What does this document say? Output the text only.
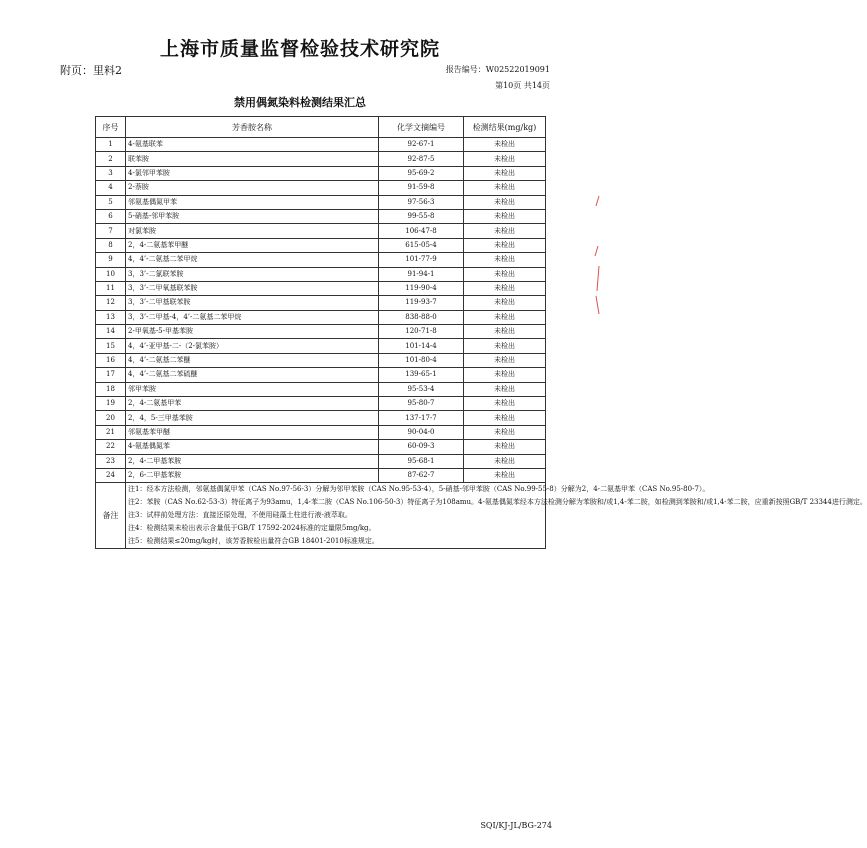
上海市质量监督检验技术研究院
附页：里料2	报告编号：W02522019091
第10页 共14页
禁用偶氮染料检测结果汇总
序号	芳香胺名称	化学文摘编号	检测结果(mg/kg)
1	4-氨基联苯	92-67-1	未检出
2	联苯胺	92-87-5	未检出
3	4-氯邻甲苯胺	95-69-2	未检出
4	2-萘胺	91-59-8	未检出
5	邻氨基偶氮甲苯	97-56-3	未检出
6	5-硝基-邻甲苯胺	99-55-8	未检出
7	对氯苯胺	106-47-8	未检出
8	2，4-二氨基苯甲醚	615-05-4	未检出
9	4，4’-二氨基二苯甲烷	101-77-9	未检出
10	3，3’-二氯联苯胺	91-94-1	未检出
11	3，3’-二甲氧基联苯胺	119-90-4	未检出
12	3，3’-二甲基联苯胺	119-93-7	未检出
13	3，3’-二甲基-4，4’-二氨基二苯甲烷	838-88-0	未检出
14	2-甲氧基-5-甲基苯胺	120-71-8	未检出
15	4，4’-亚甲基-二-（2-氯苯胺）	101-14-4	未检出
16	4，4’-二氨基二苯醚	101-80-4	未检出
17	4，4’-二氨基二苯硫醚	139-65-1	未检出
18	邻甲苯胺	95-53-4	未检出
19	2，4-二氨基甲苯	95-80-7	未检出
20	2，4，5-三甲基苯胺	137-17-7	未检出
21	邻氨基苯甲醚	90-04-0	未检出
22	4-氨基偶氮苯	60-09-3	未检出
23	2，4-二甲基苯胺	95-68-1	未检出
24	2，6-二甲基苯胺	87-62-7	未检出
备注	注1：经本方法检测，邻氨基偶氮甲苯（CAS No.97-56-3）分解为邻甲苯胺（CAS No.95-53-4），5-硝基-邻甲苯胺（CAS No.99-55-8）分解为2，4-二氨基甲苯（CAS No.95-80-7）。
注2：苯胺（CAS No.62-53-3）特征离子为93amu，1,4-苯二胺（CAS No.106-50-3）特征离子为108amu。4-氨基偶氮苯经本方法检测分解为苯胺和/或1,4-苯二胺，如检测到苯胺和/或1,4-苯二胺，应重新按照GB/T 23344进行测定。
注3：试样前处理方法：直接还原处理，不使用硅藻土柱进行液-液萃取。
注4：检测结果未检出表示含量低于GB/T 17592-2024标准的定量限5mg/kg。
注5：检测结果≤20mg/kg时，该芳香胺检出量符合GB 18401-2010标准规定。		
SQI/KJ-JL/BG-274
